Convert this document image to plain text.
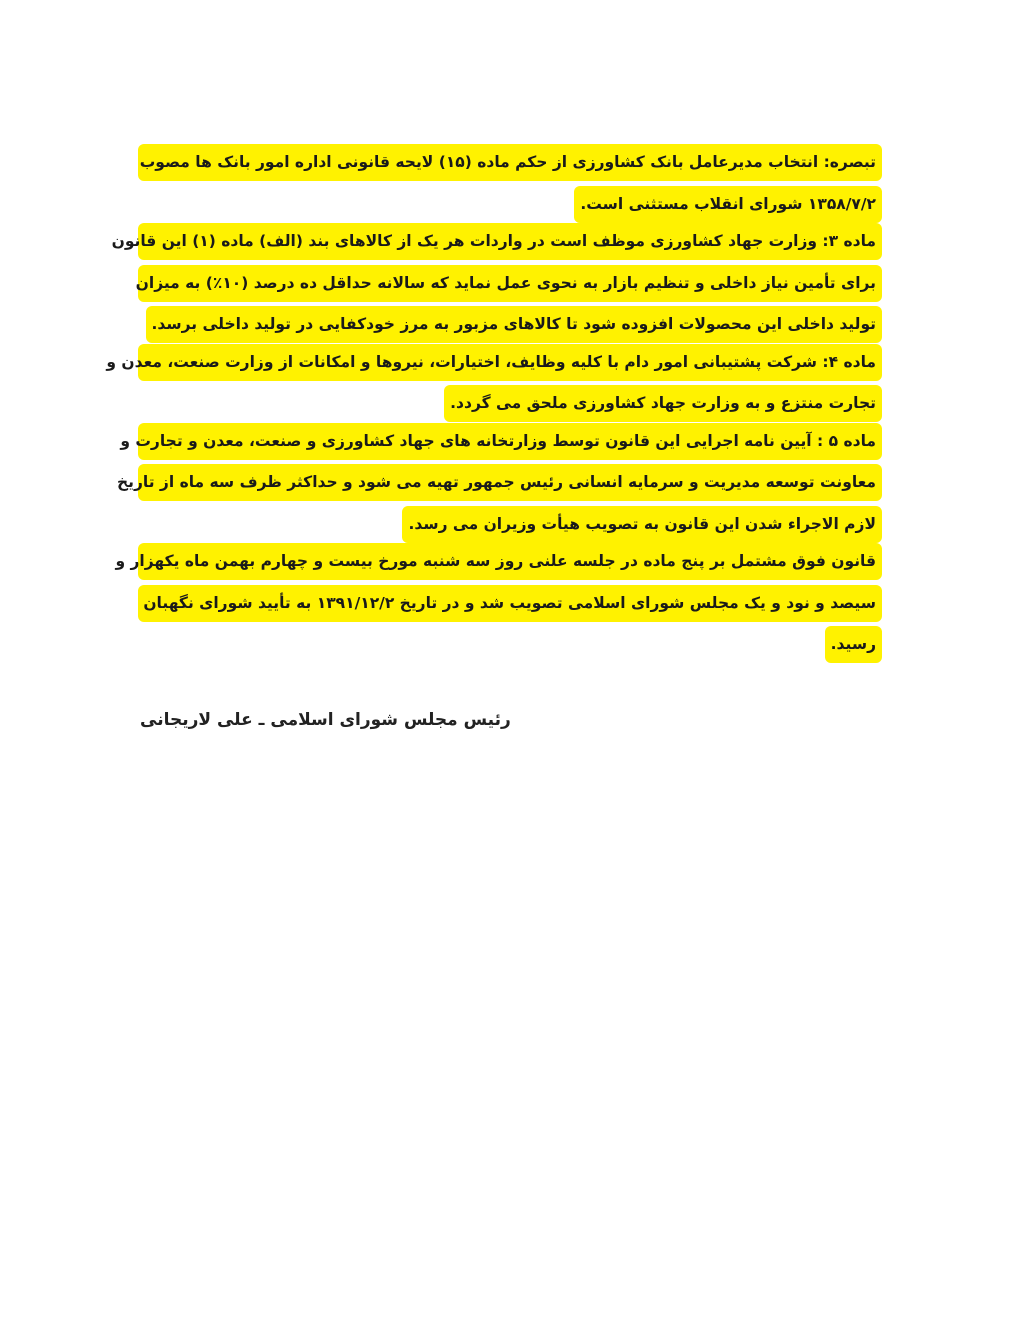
تبصره: انتخاب مدیرعامل بانک کشاورزی از حکم ماده (۱۵) لایحه قانونی اداره امور بانک ها مصوب
۱۳۵۸/۷/۲ شورای انقلاب مستثنی است.
ماده ۳: وزارت جهاد کشاورزی موظف است در واردات هر یک از کالاهای بند (الف) ماده (۱) این قانون
برای تأمین نیاز داخلی و تنظیم بازار به نحوی عمل نماید که سالانه حداقل ده درصد (۱۰٪) به میزان
تولید داخلی این محصولات افزوده شود تا کالاهای مزبور به مرز خودکفایی در تولید داخلی برسد.
ماده ۴: شرکت پشتیبانی امور دام با کلیه وظایف، اختیارات، نیروها و امکانات از وزارت صنعت، معدن و
تجارت منتزع و به وزارت جهاد کشاورزی ملحق می گردد.
ماده ۵ : آیین نامه اجرایی این قانون توسط وزارتخانه های جهاد کشاورزی و صنعت، معدن و تجارت و
معاونت توسعه مدیریت و سرمایه انسانی رئیس جمهور تهیه می شود و حداکثر ظرف سه ماه از تاریخ
لازم الاجراء شدن این قانون به تصویب هیأت وزیران می رسد.
قانون فوق مشتمل بر پنج ماده در جلسه علنی روز سه شنبه مورخ بیست و چهارم بهمن ماه یکهزار و
سیصد و نود و یک مجلس شورای اسلامی تصویب شد و در تاریخ ۱۳۹۱/۱۲/۲ به تأیید شورای نگهبان
رسید.
رئیس مجلس شورای اسلامی ـ علی لاریجانی
